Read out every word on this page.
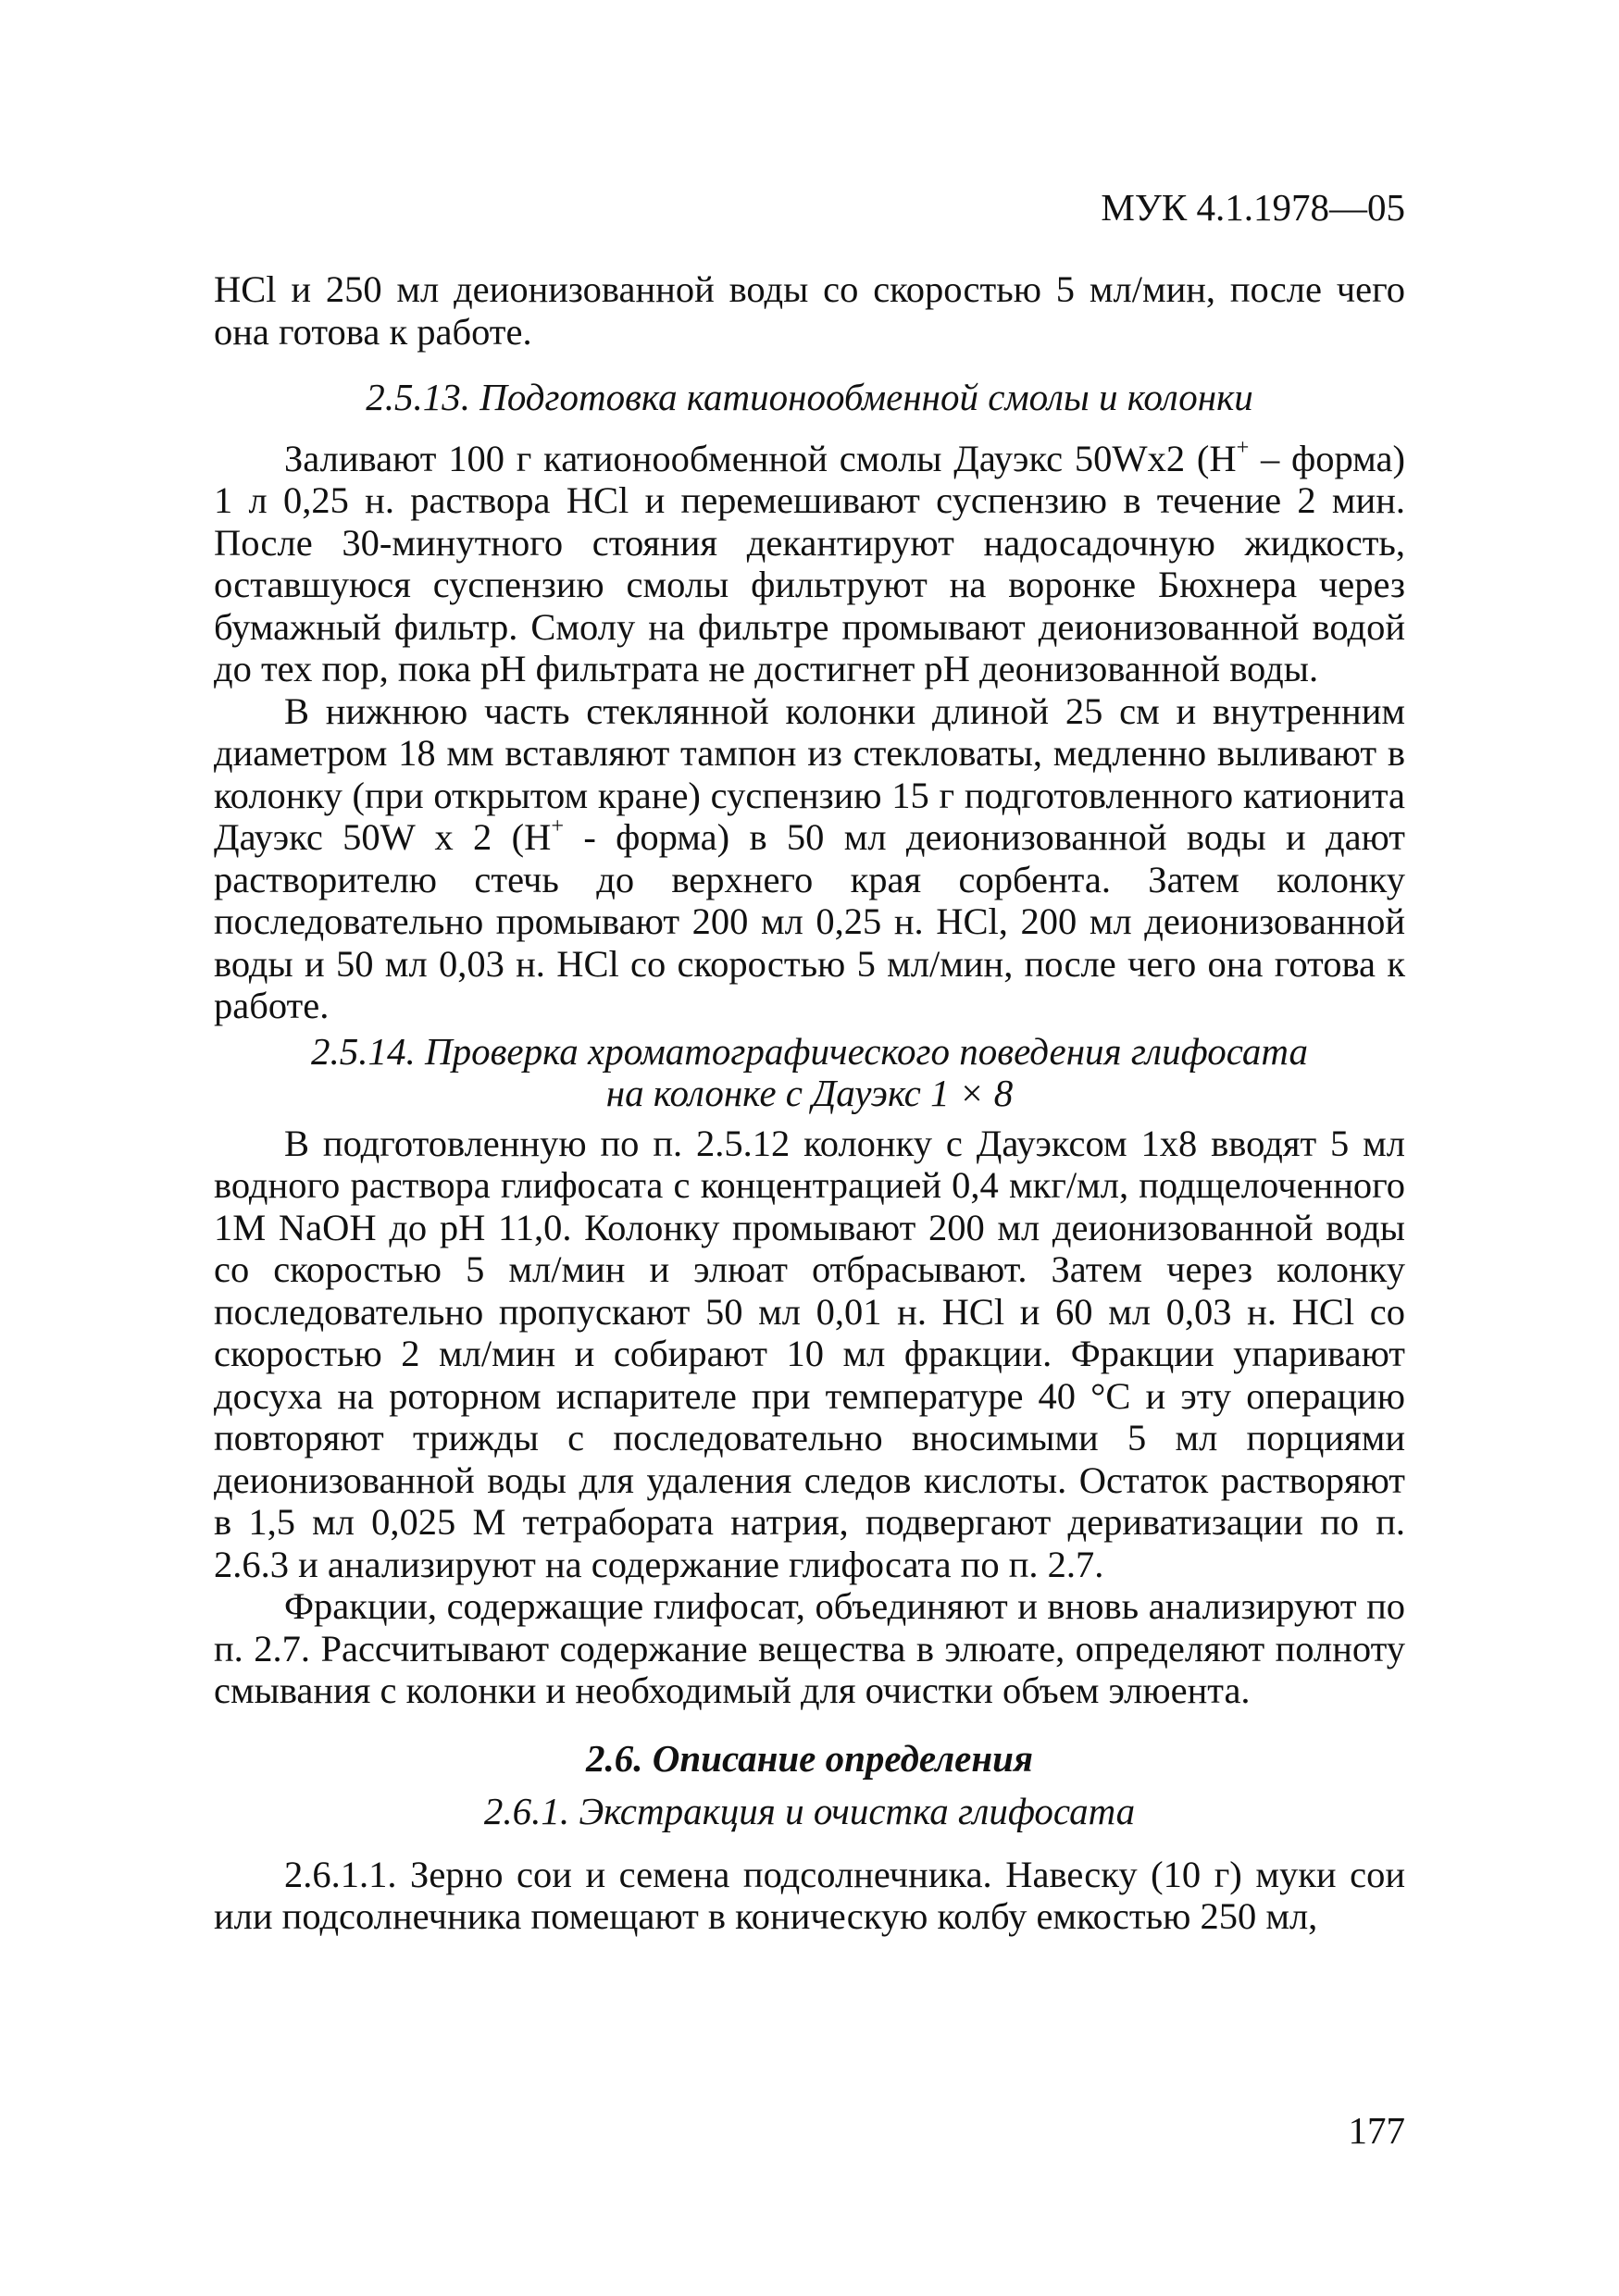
МУК 4.1.1978—05
HCl и 250 мл деионизованной воды со скоростью 5 мл/мин, после чего она готова к работе.
2.5.13. Подготовка катионообменной смолы и колонки
Заливают 100 г катионообменной смолы Дауэкс 50Wx2 (H+ – форма) 1 л 0,25 н. раствора HCl и перемешивают суспензию в течение 2 мин. После 30-минутного стояния декантируют надосадочную жидкость, оставшуюся суспензию смолы фильтруют на воронке Бюхнера через бумажный фильтр. Смолу на фильтре промывают деионизованной водой до тех пор, пока pH фильтрата не достигнет pH деонизованной воды.
В нижнюю часть стеклянной колонки длиной 25 см и внутренним диаметром 18 мм вставляют тампон из стекловаты, медленно выливают в колонку (при открытом кране) суспензию 15 г подготовленного катионита Дауэкс 50W х 2 (H+ - форма) в 50 мл деионизованной воды и дают растворителю стечь до верхнего края сорбента. Затем колонку последовательно промывают 200 мл 0,25 н. HCl, 200 мл деионизованной воды и 50 мл 0,03 н. HCl со скоростью 5 мл/мин, после чего она готова к работе.
2.5.14. Проверка хроматографического поведения глифосата
на колонке с Дауэкс 1 × 8
В подготовленную по п. 2.5.12 колонку с Дауэксом 1х8 вводят 5 мл водного раствора глифосата с концентрацией 0,4 мкг/мл, подщелоченного 1M NaOH до pH 11,0. Колонку промывают 200 мл деионизованной воды со скоростью 5 мл/мин и элюат отбрасывают. Затем через колонку последовательно пропускают 50 мл 0,01 н. HCl и 60 мл 0,03 н. HCl со скоростью 2 мл/мин и собирают 10 мл фракции. Фракции упаривают досуха на роторном испарителе при температуре 40 °C и эту операцию повторяют трижды с последовательно вносимыми 5 мл порциями деионизованной воды для удаления следов кислоты. Остаток растворяют в 1,5 мл 0,025 М тетрабората натрия, подвергают дериватизации по п. 2.6.3 и анализируют на содержание глифосата по п. 2.7.
Фракции, содержащие глифосат, объединяют и вновь анализируют по п. 2.7. Рассчитывают содержание вещества в элюате, определяют полноту смывания с колонки и необходимый для очистки объем элюента.
2.6. Описание определения
2.6.1. Экстракция и очистка глифосата
2.6.1.1. Зерно сои и семена подсолнечника. Навеску (10 г) муки сои или подсолнечника помещают в коническую колбу емкостью 250 мл,
177
